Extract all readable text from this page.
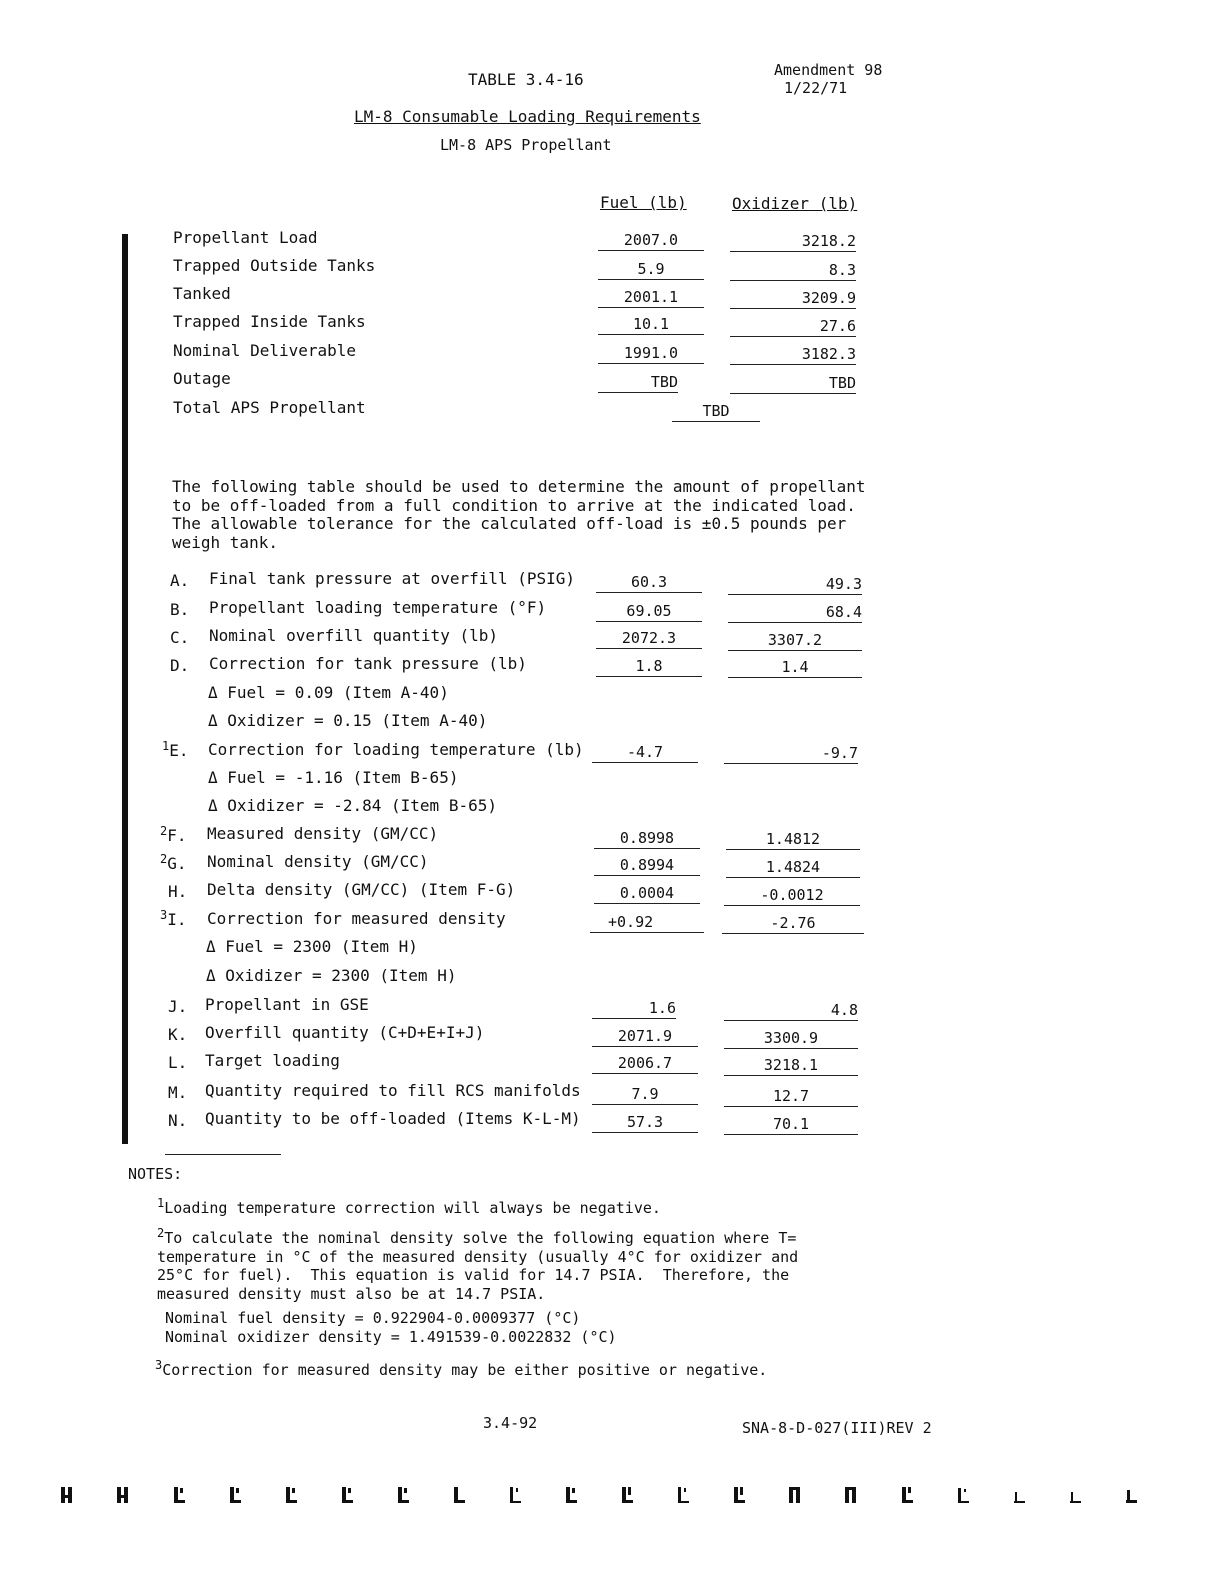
TABLE 3.4-16	Amendment 98
1/22/71
LM-8 Consumable Loading Requirements
LM-8 APS Propellant
Fuel (lb)	Oxidizer (lb)
Propellant Load	2007.0	3218.2
Trapped Outside Tanks	5.9	8.3
Tanked	2001.1	3209.9
Trapped Inside Tanks	10.1	27.6
Nominal Deliverable	1991.0	3182.3
Outage	TBD	TBD
Total APS Propellant	TBD
The following table should be used to determine the amount of propellant
to be off-loaded from a full condition to arrive at the indicated load.
The allowable tolerance for the calculated off-load is ±0.5 pounds per
weigh tank.
A.	Final tank pressure at overfill (PSIG)	60.3	49.3
B.	Propellant loading temperature (°F)	69.05	68.4
C.	Nominal overfill quantity (lb)	2072.3	3307.2
D.	Correction for tank pressure (lb)	1.8	1.4
Δ Fuel = 0.09 (Item A-40)
Δ Oxidizer = 0.15 (Item A-40)
$^1$E.	Correction for loading temperature (lb)	-4.7	-9.7
Δ Fuel = -1.16 (Item B-65)
Δ Oxidizer = -2.84 (Item B-65)
$^2$F.	Measured density (GM/CC)	0.8998	1.4812
$^2$G.	Nominal density (GM/CC)	0.8994	1.4824
H.	Delta density (GM/CC) (Item F-G)	0.0004	-0.0012
$^3$I.	Correction for measured density	+0.92	-2.76
Δ Fuel = 2300 (Item H)
Δ Oxidizer = 2300 (Item H)
J.	Propellant in GSE	1.6	4.8
K.	Overfill quantity (C+D+E+I+J)	2071.9	3300.9
L.	Target loading	2006.7	3218.1
M.	Quantity required to fill RCS manifolds	7.9	12.7
N.	Quantity to be off-loaded (Items K-L-M)	57.3	70.1
NOTES:
$^1$Loading temperature correction will always be negative.
$^2$To calculate the nominal density solve the following equation where T=
temperature in °C of the measured density (usually 4°C for oxidizer and
25°C for fuel).  This equation is valid for 14.7 PSIA.  Therefore, the
measured density must also be at 14.7 PSIA.
Nominal fuel density = 0.922904-0.0009377 (°C)
Nominal oxidizer density = 1.491539-0.0022832 (°C)
$^3$Correction for measured density may be either positive or negative.
3.4-92	SNA-8-D-027(III)REV 2
